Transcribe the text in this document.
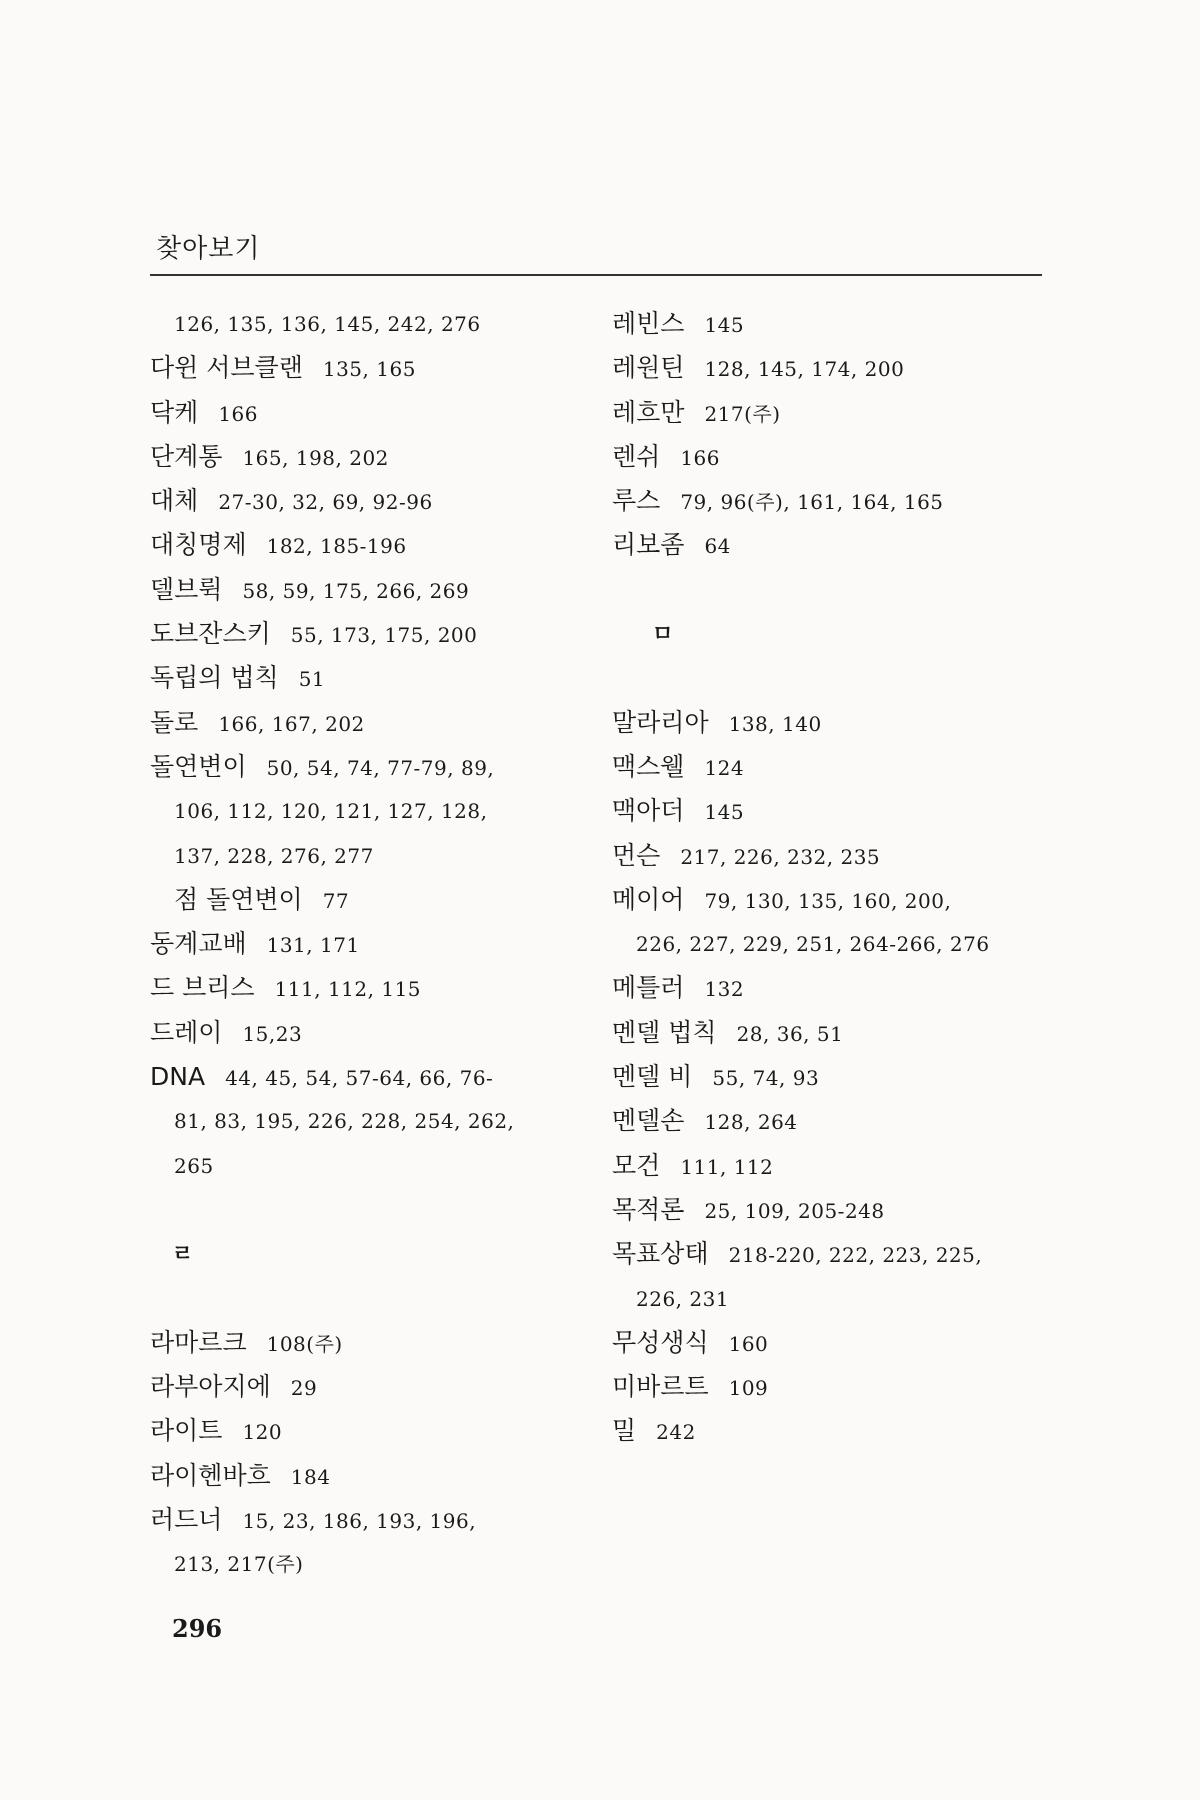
찾아보기
126, 135, 136, 145, 242, 276
다윈 서브클랜 135, 165
닥케 166
단계통 165, 198, 202
대체 27-30, 32, 69, 92-96
대칭명제 182, 185-196
델브뤽 58, 59, 175, 266, 269
도브잔스키 55, 173, 175, 200
독립의 법칙 51
돌로 166, 167, 202
돌연변이 50, 54, 74, 77-79, 89,
106, 112, 120, 121, 127, 128,
137, 228, 276, 277
점 돌연변이 77
동계교배 131, 171
드 브리스 111, 112, 115
드레이 15,23
DNA 44, 45, 54, 57-64, 66, 76-
81, 83, 195, 226, 228, 254, 262,
265
ㄹ
라마르크 108(주)
라부아지에 29
라이트 120
라이헨바흐 184
러드너 15, 23, 186, 193, 196,
213, 217(주)
레빈스 145
레원틴 128, 145, 174, 200
레흐만 217(주)
렌쉬 166
루스 79, 96(주), 161, 164, 165
리보좀 64
ㅁ
말라리아 138, 140
맥스웰 124
맥아더 145
먼슨 217, 226, 232, 235
메이어 79, 130, 135, 160, 200,
226, 227, 229, 251, 264-266, 276
메틀러 132
멘델 법칙 28, 36, 51
멘델 비 55, 74, 93
멘델손 128, 264
모건 111, 112
목적론 25, 109, 205-248
목표상태 218-220, 222, 223, 225,
226, 231
무성생식 160
미바르트 109
밀 242
296
